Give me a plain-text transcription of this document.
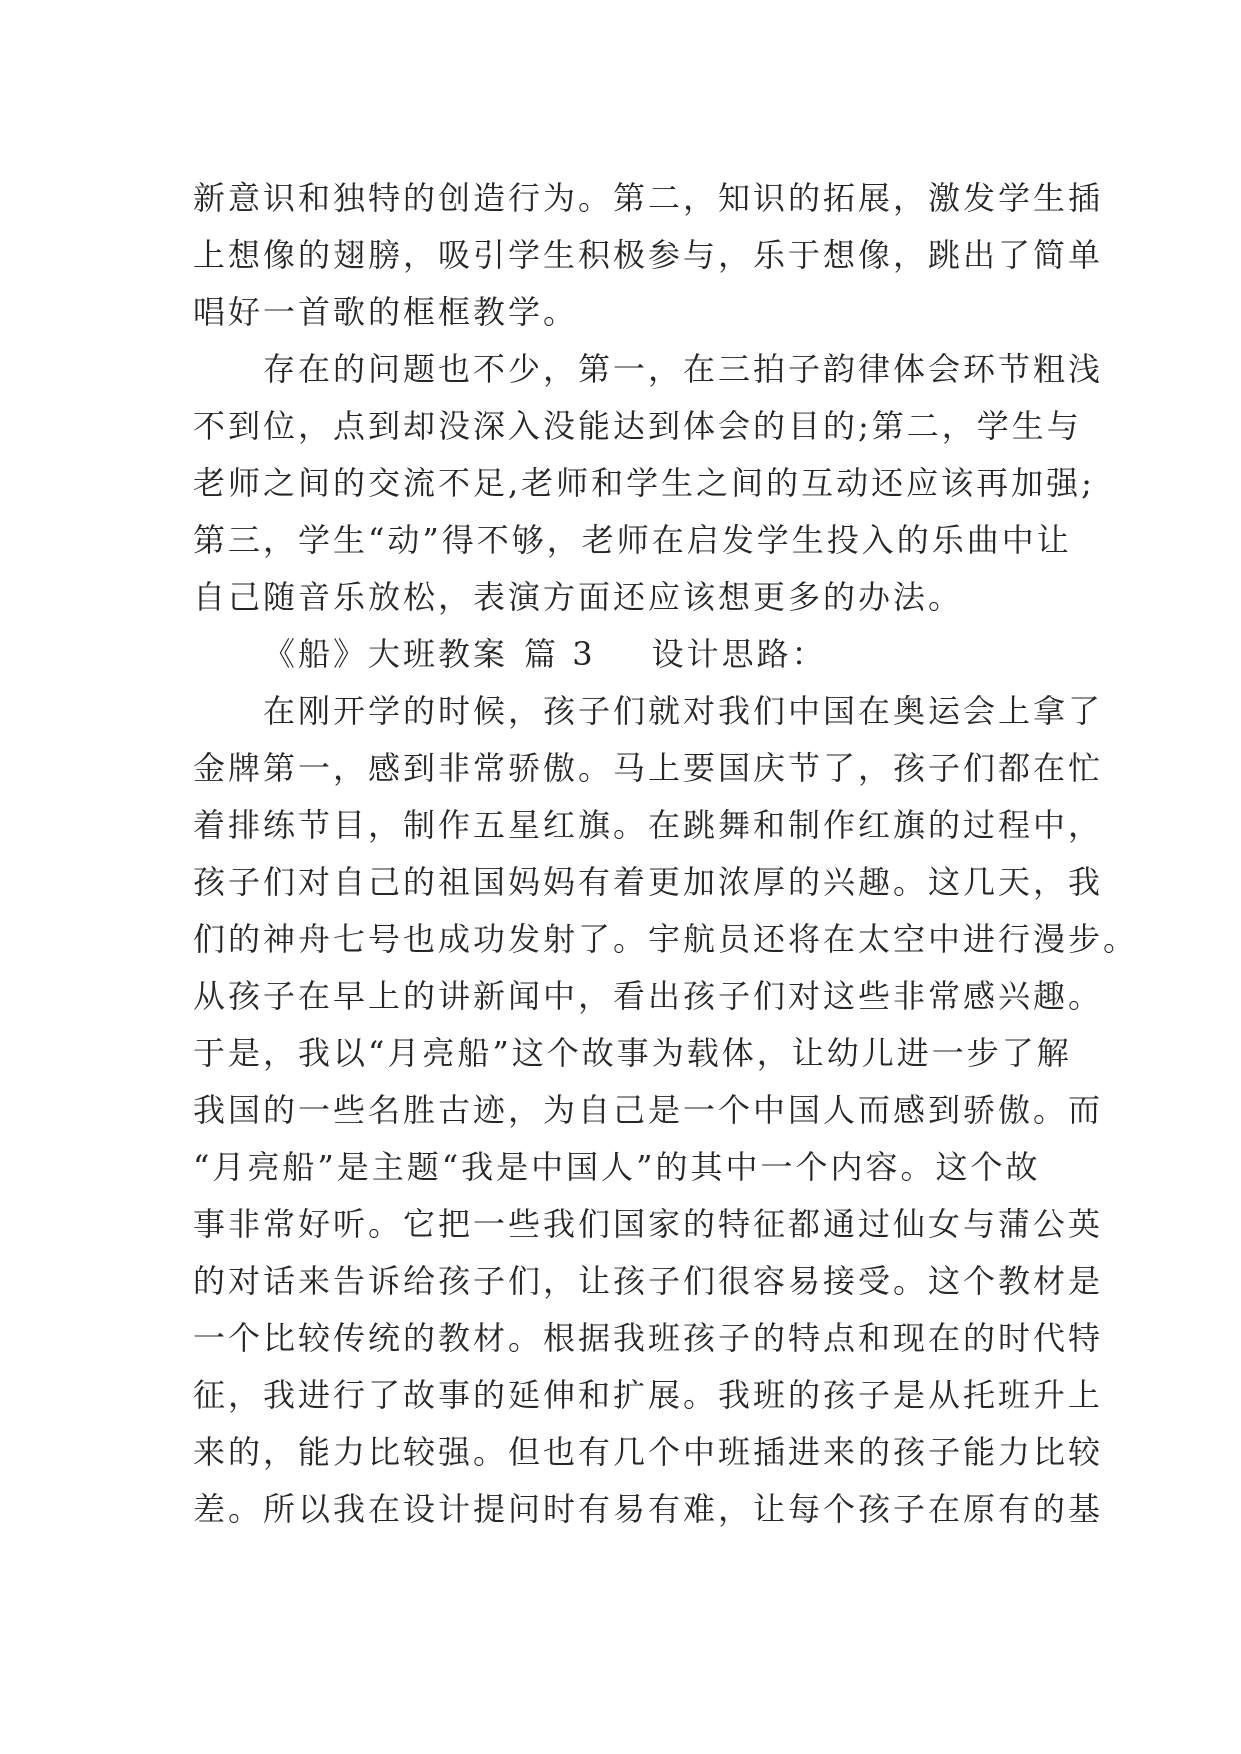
新意识和独特的创造行为。第二，知识的拓展，激发学生插
上想像的翅膀，吸引学生积极参与，乐于想像，跳出了简单
唱好一首歌的框框教学。
存在的问题也不少，第一，在三拍子韵律体会环节粗浅
不到位，点到却没深入没能达到体会的目的;第二，学生与
老师之间的交流不足,老师和学生之间的互动还应该再加强;
第三，学生“动”得不够，老师在启发学生投入的乐曲中让
自己随音乐放松，表演方面还应该想更多的办法。
《船》大班教案 篇 3 设计思路：
在刚开学的时候，孩子们就对我们中国在奥运会上拿了
金牌第一，感到非常骄傲。马上要国庆节了，孩子们都在忙
着排练节目，制作五星红旗。在跳舞和制作红旗的过程中，
孩子们对自己的祖国妈妈有着更加浓厚的兴趣。这几天，我
们的神舟七号也成功发射了。宇航员还将在太空中进行漫步。
从孩子在早上的讲新闻中，看出孩子们对这些非常感兴趣。
于是，我以“月亮船”这个故事为载体，让幼儿进一步了解
我国的一些名胜古迹，为自己是一个中国人而感到骄傲。而
“月亮船”是主题“我是中国人”的其中一个内容。这个故
事非常好听。它把一些我们国家的特征都通过仙女与蒲公英
的对话来告诉给孩子们，让孩子们很容易接受。这个教材是
一个比较传统的教材。根据我班孩子的特点和现在的时代特
征，我进行了故事的延伸和扩展。我班的孩子是从托班升上
来的，能力比较强。但也有几个中班插进来的孩子能力比较
差。所以我在设计提问时有易有难，让每个孩子在原有的基
